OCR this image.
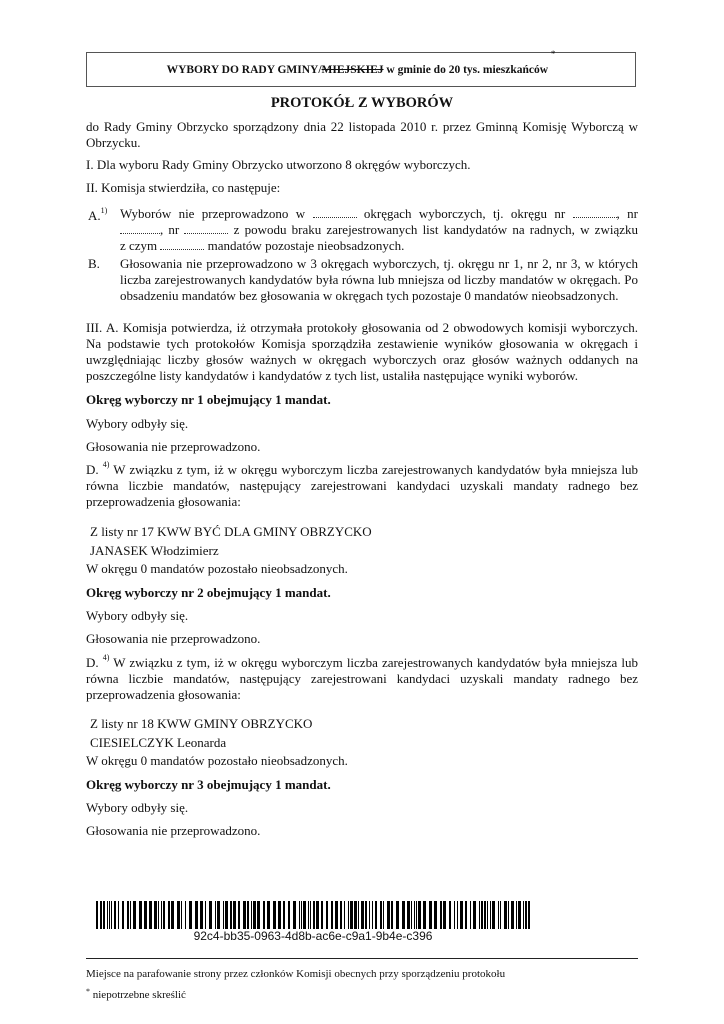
WYBORY DO RADY GMINY/MIEJSKIEJ w gminie do 20 tys. mieszkańców *
PROTOKÓŁ Z WYBORÓW
do Rady Gminy Obrzycko sporządzony dnia 22 listopada 2010 r. przez Gminną Komisję Wyborczą w Obrzycku.
I. Dla wyboru Rady Gminy Obrzycko utworzono 8 okręgów wyborczych.
II. Komisja stwierdziła, co następuje:
A.$^{1)}$ Wyborów nie przeprowadzono w	okręgach wyborczych, tj. okręgu nr	, nr
, nr	z powodu braku zarejestrowanych list kandydatów na radnych, w związku
z czym	mandatów pozostaje nieobsadzonych.
B. Głosowania nie przeprowadzono w 3 okręgach wyborczych, tj. okręgu nr 1, nr 2, nr 3, w których liczba zarejestrowanych kandydatów była równa lub mniejsza od liczby mandatów w okręgach. Po obsadzeniu mandatów bez głosowania w okręgach tych pozostaje 0 mandatów nieobsadzonych.
III. A. Komisja potwierdza, iż otrzymała protokoły głosowania od 2 obwodowych komisji wyborczych. Na podstawie tych protokołów Komisja sporządziła zestawienie wyników głosowania w okręgach i uwzględniając liczby głosów ważnych w okręgach wyborczych oraz głosów ważnych oddanych na poszczególne listy kandydatów i kandydatów z tych list, ustaliła następujące wyniki wyborów.
Okręg wyborczy nr 1 obejmujący 1 mandat.
Wybory odbyły się.
Głosowania nie przeprowadzono.
D. $^{4)}$ W związku z tym, iż w okręgu wyborczym liczba zarejestrowanych kandydatów była mniejsza lub równa liczbie mandatów, następujący zarejestrowani kandydaci uzyskali mandaty radnego bez przeprowadzenia głosowania:
Z listy nr 17 KWW BYĆ DLA GMINY OBRZYCKO
JANASEK Włodzimierz
W okręgu 0 mandatów pozostało nieobsadzonych.
Okręg wyborczy nr 2 obejmujący 1 mandat.
Wybory odbyły się.
Głosowania nie przeprowadzono.
D. $^{4)}$ W związku z tym, iż w okręgu wyborczym liczba zarejestrowanych kandydatów była mniejsza lub równa liczbie mandatów, następujący zarejestrowani kandydaci uzyskali mandaty radnego bez przeprowadzenia głosowania:
Z listy nr 18 KWW GMINY OBRZYCKO
CIESIELCZYK Leonarda
W okręgu 0 mandatów pozostało nieobsadzonych.
Okręg wyborczy nr 3 obejmujący 1 mandat.
Wybory odbyły się.
Głosowania nie przeprowadzono.
92c4-bb35-0963-4d8b-ac6e-c9a1-9b4e-c396
Miejsce na parafowanie strony przez członków Komisji obecnych przy sporządzeniu protokołu
* niepotrzebne skreślić
